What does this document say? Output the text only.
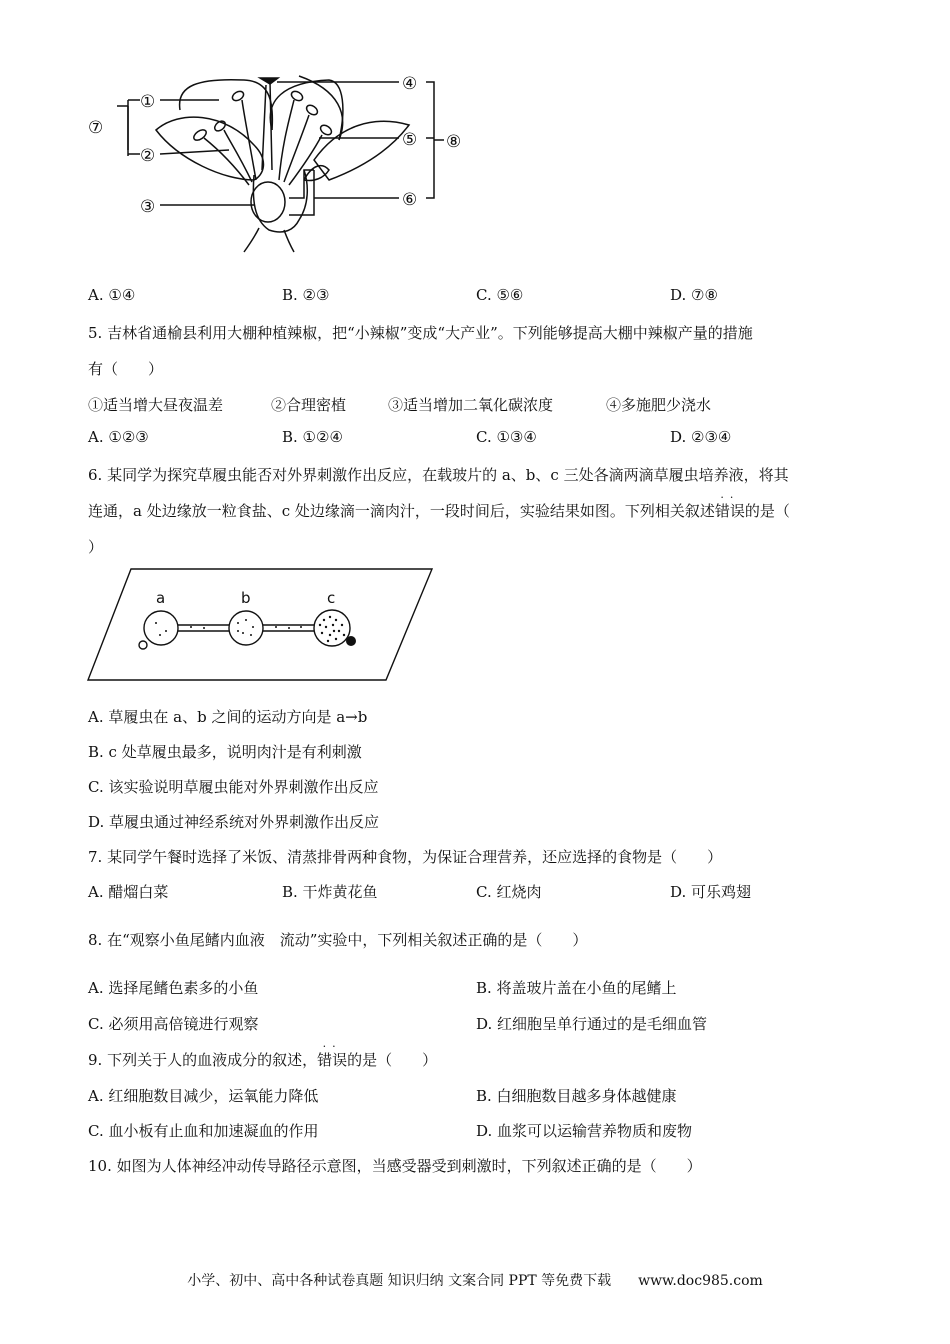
⑦
①
②
③
④
⑤
⑥
⑧
A. ①④	B. ②③	C. ⑤⑥	D. ⑦⑧
5. 吉林省通榆县利用大棚种植辣椒，把“小辣椒”变成“大产业”。下列能够提高大棚中辣椒产量的措施
有（　　）
①适当增大昼夜温差	②合理密植	③适当增加二氧化碳浓度	④多施肥少浇水
A. ①②③	B. ①②④	C. ①③④	D. ②③④
6. 某同学为探究草履虫能否对外界刺激作出反应，在载玻片的 a、b、c 三处各滴两滴草履虫培养液，将其
连通，a 处边缘放一粒食盐、c 处边缘滴一滴肉汁，一段时间后，实验结果如图。下列相关叙述
··
错误的是（
）
a	b	c
A. 草履虫在 a、b 之间的运动方向是 a→b
B. c 处草履虫最多，说明肉汁是有利刺激
C. 该实验说明草履虫能对外界刺激作出反应
D. 草履虫通过神经系统对外界刺激作出反应
7. 某同学午餐时选择了米饭、清蒸排骨两种食物，为保证合理营养，还应选择的食物是（　　）
A. 醋熘白菜	B. 干炸黄花鱼	C. 红烧肉	D. 可乐鸡翅
8. 在“观察小鱼尾鳍内血液　流动”实验中，下列相关叙述正确的是（　　）
A. 选择尾鳍色素多的小鱼	B. 将盖玻片盖在小鱼的尾鳍上
C. 必须用高倍镜进行观察	D. 红细胞呈单行通过的是毛细血管
9. 下列关于人的血液成分的叙述，
··
错误的是（　　）
A. 红细胞数目减少，运氧能力降低	B. 白细胞数目越多身体越健康
C. 血小板有止血和加速凝血的作用	D. 血浆可以运输营养物质和废物
10. 如图为人体神经冲动传导路径示意图，当感受器受到刺激时，下列叙述正确的是（　　）
小学、初中、高中各种试卷真题 知识归纳 文案合同 PPT 等免费下载 www.doc985.com
